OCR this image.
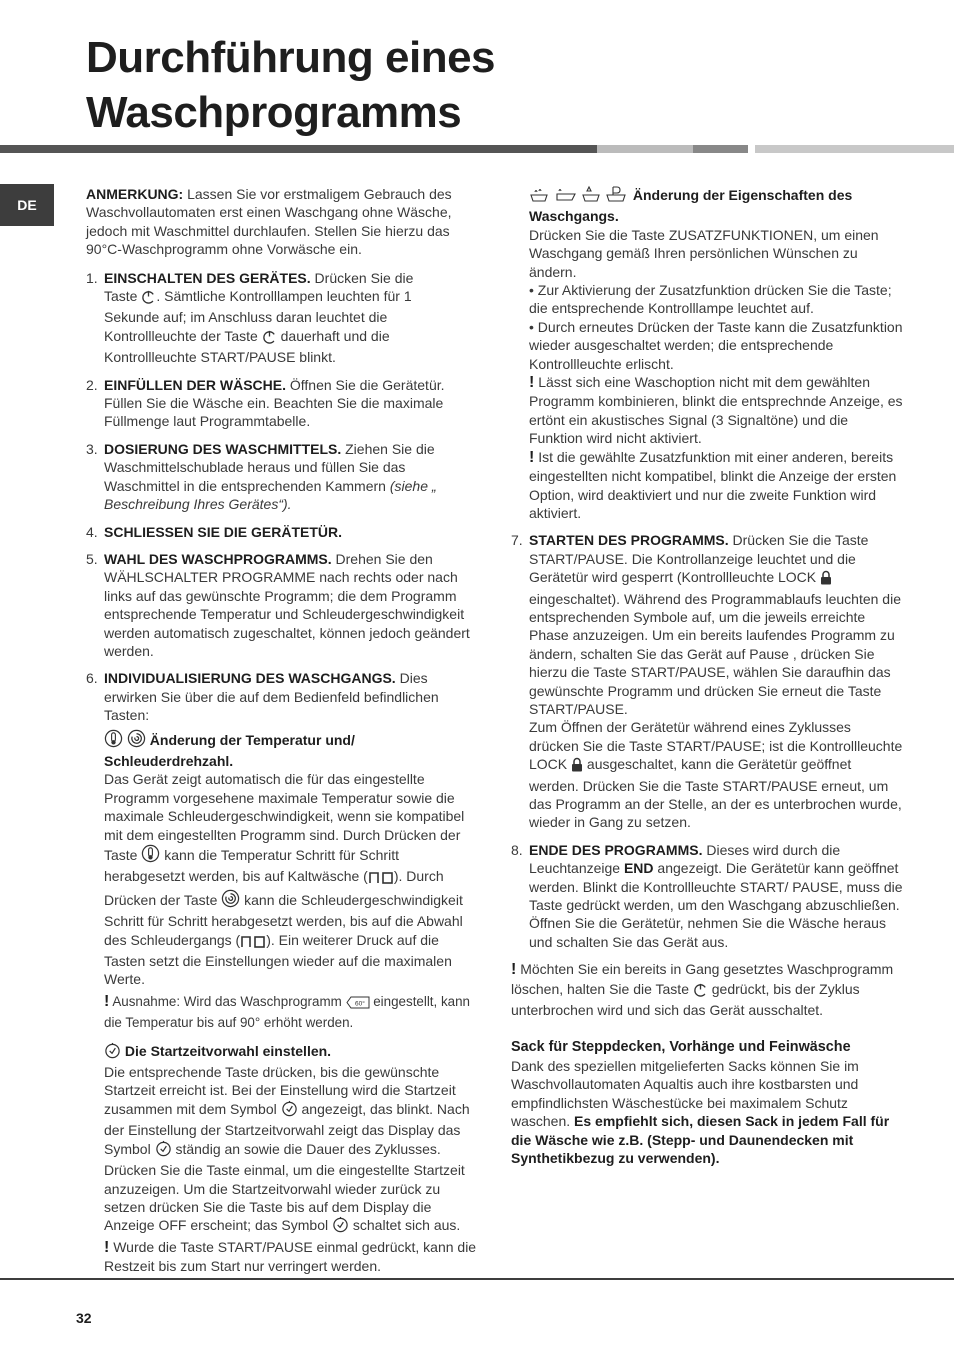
Durchführung eines
Waschprogramms
DE

ANMERKUNG: Lassen Sie vor erstmaligem Gebrauch des Waschvollautomaten erst einen Waschgang ohne Wäsche, jedoch mit Waschmittel durchlaufen. Stellen Sie hierzu das 90°C-Waschprogramm ohne Vorwäsche ein.

1. EINSCHALTEN DES GERÄTES. Drücken Sie die Taste . Sämtliche Kontrolllampen leuchten für 1 Sekunde auf; im Anschluss daran leuchtet die Kontrollleuchte der Taste dauerhaft und die Kontrollleuchte START/PAUSE blinkt.
2. EINFÜLLEN DER WÄSCHE. Öffnen Sie die Gerätetür. Füllen Sie die Wäsche ein. Beachten Sie die maximale Füllmenge laut Programmtabelle.
3. DOSIERUNG DES WASCHMITTELS. Ziehen Sie die Waschmittelschublade heraus und füllen Sie das Waschmittel in die entsprechenden Kammern (siehe „ Beschreibung Ihres Gerätes“).
4. SCHLIESSEN SIE DIE GERÄTETÜR.
5. WAHL DES WASCHPROGRAMMS. Drehen Sie den WÄHLSCHALTER PROGRAMME nach rechts oder nach links auf das gewünschte Programm; die dem Programm entsprechende Temperatur und Schleudergeschwindigkeit werden automatisch zugeschaltet, können jedoch geändert werden.
6. INDIVIDUALISIERUNG DES WASCHGANGS. Dies erwirken Sie über die auf dem Bedienfeld befindlichen Tasten:

Änderung der Temperatur und/ Schleuderdrehzahl.
Das Gerät zeigt automatisch die für das eingestellte Programm vorgesehene maximale Temperatur sowie die maximale Schleudergeschwindigkeit, wenn sie kompatibel mit dem eingestellten Programm sind. Durch Drücken der Taste kann die Temperatur Schritt für Schritt herabgesetzt werden, bis auf Kaltwäsche ( ). Durch Drücken der Taste kann die Schleudergeschwindigkeit Schritt für Schritt herabgesetzt werden, bis auf die Abwahl des Schleudergangs ( ). Ein weiterer Druck auf die Tasten setzt die Einstellungen wieder auf die maximalen Werte.

! Ausnahme: Wird das Waschprogramm 60° eingestellt, kann die Temperatur bis auf 90° erhöht werden.

Die Startzeitvorwahl einstellen.
Die entsprechende Taste drücken, bis die gewünschte Startzeit erreicht ist. Bei der Einstellung wird die Startzeit zusammen mit dem Symbol angezeigt, das blinkt. Nach der Einstellung der Startzeitvorwahl zeigt das Display das Symbol ständig an sowie die Dauer des Zyklusses. Drücken Sie die Taste einmal, um die eingestellte Startzeit anzuzeigen. Um die Startzeitvorwahl wieder zurück zu setzen drücken Sie die Taste bis auf dem Display die Anzeige OFF erscheint; das Symbol schaltet sich aus.
! Wurde die Taste START/PAUSE einmal gedrückt, kann die Restzeit bis zum Start nur verringert werden.

Änderung der Eigenschaften des Waschgangs.

Drücken Sie die Taste ZUSATZFUNKTIONEN, um einen Waschgang gemäß Ihren persönlichen Wünschen zu ändern.

• Zur Aktivierung der Zusatzfunktion drücken Sie die Taste; die entsprechende Kontrolllampe leuchtet auf.

• Durch erneutes Drücken der Taste kann die Zusatzfunktion wieder ausgeschaltet werden; die entsprechende Kontrollleuchte erlischt.

! Lässt sich eine Waschoption nicht mit dem gewählten Programm kombinieren, blinkt die entsprechnde Anzeige, es ertönt ein akustisches Signal (3 Signaltöne) und die Funktion wird nicht aktiviert.

! Ist die gewählte Zusatzfunktion mit einer anderen, bereits eingestellten nicht kompatibel, blinkt die Anzeige der ersten Option, wird deaktiviert und nur die zweite Funktion wird aktiviert.

7. STARTEN DES PROGRAMMS. Drücken Sie die Taste START/PAUSE. Die Kontrollanzeige leuchtet und die Gerätetür wird gesperrt (Kontrollleuchte LOCK  eingeschaltet). Während des Programmablaufs leuchten die entsprechenden Symbole auf, um die jeweils erreichte Phase anzuzeigen. Um ein bereits laufendes Programm zu ändern, schalten Sie das Gerät auf Pause , drücken Sie hierzu die Taste START/PAUSE, wählen Sie daraufhin das gewünschte Programm und drücken Sie erneut die Taste START/PAUSE.
Zum Öffnen der Gerätetür während eines Zyklusses drücken Sie die Taste START/PAUSE; ist die Kontrollleuchte LOCK ausgeschaltet, kann die Gerätetür geöffnet werden. Drücken Sie die Taste START/PAUSE erneut, um das Programm an der Stelle, an der es unterbrochen wurde, wieder in Gang zu setzen.
8. ENDE DES PROGRAMMS. Dieses wird durch die Leuchtanzeige END angezeigt. Die Gerätetür kann geöffnet werden. Blinkt die Kontrollleuchte START/ PAUSE, muss die Taste gedrückt werden, um den Waschgang abzuschließen. Öffnen Sie die Gerätetür, nehmen Sie die Wäsche heraus und schalten Sie das Gerät aus.

! Möchten Sie ein bereits in Gang gesetztes Waschprogramm löschen, halten Sie die Taste gedrückt, bis der Zyklus unterbrochen wird und sich das Gerät ausschaltet.

Sack für Steppdecken, Vorhänge und Feinwäsche
Dank des speziellen mitgelieferten Sacks können Sie im Waschvollautomaten Aqualtis auch ihre kostbarsten und empfindlichsten Wäschestücke bei maximalem Schutz waschen. Es empfiehlt sich, diesen Sack in jedem Fall für die Wäsche wie z.B. (Stepp- und Daunendecken mit Synthetikbezug zu verwenden).

32
